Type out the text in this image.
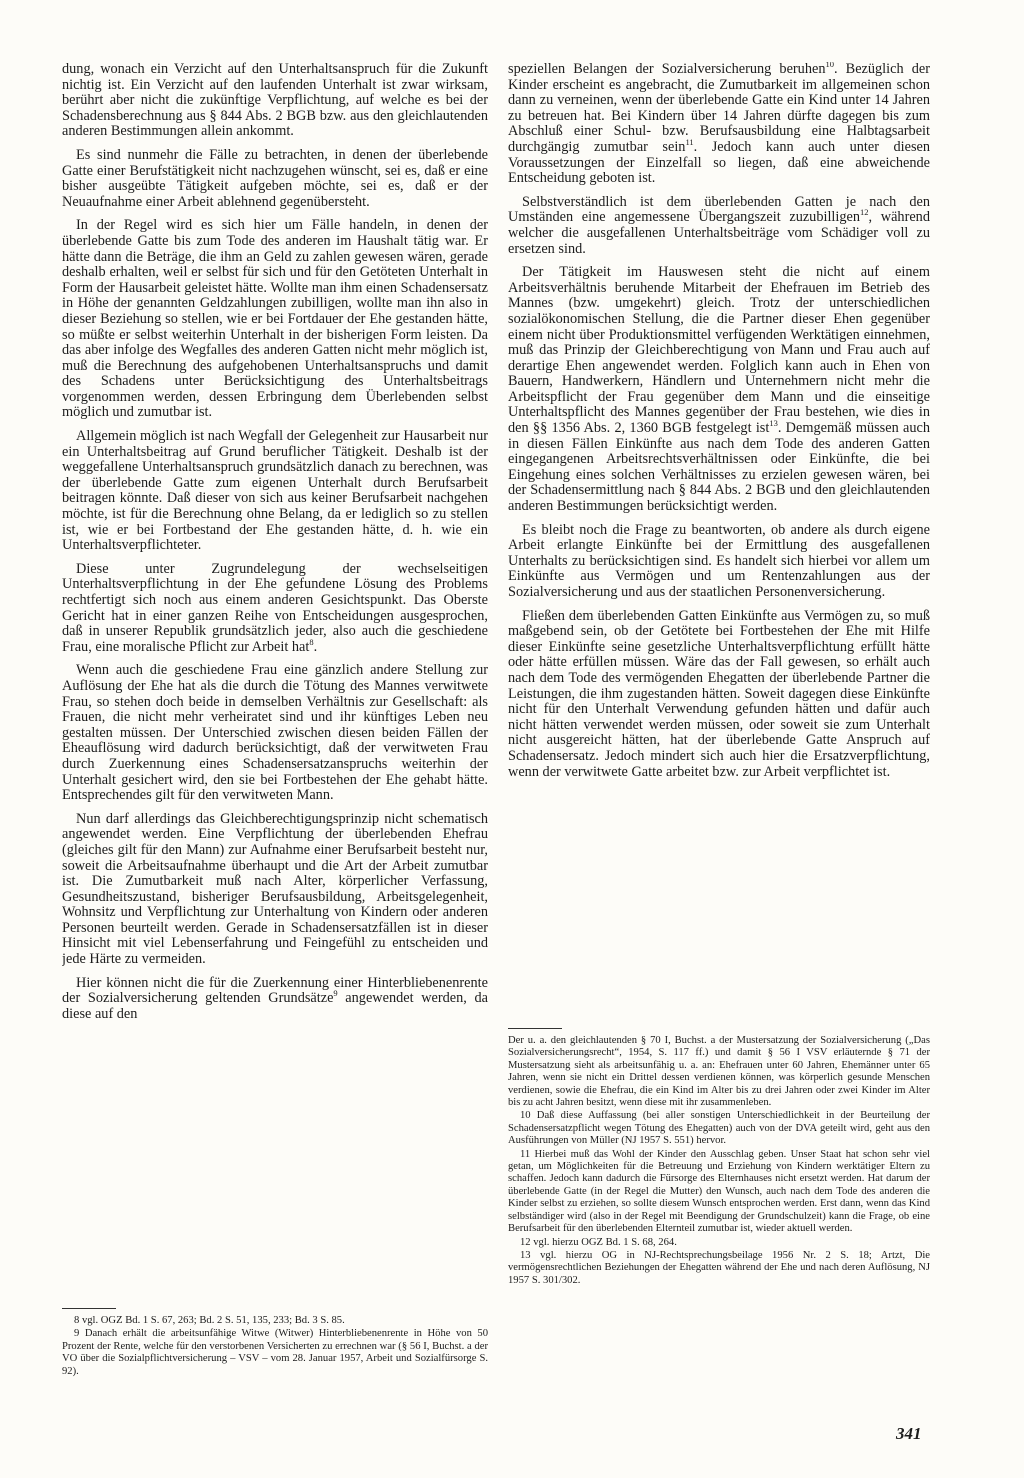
dung, wonach ein Verzicht auf den Unterhaltsanspruch für die Zukunft nichtig ist. Ein Verzicht auf den laufenden Unterhalt ist zwar wirksam, berührt aber nicht die zukünftige Verpflichtung, auf welche es bei der Schadensberechnung aus § 844 Abs. 2 BGB bzw. aus den gleichlautenden anderen Bestimmungen allein ankommt.

Es sind nunmehr die Fälle zu betrachten, in denen der überlebende Gatte einer Berufstätigkeit nicht nachzugehen wünscht, sei es, daß er eine bisher ausgeübte Tätigkeit aufgeben möchte, sei es, daß er der Neuaufnahme einer Arbeit ablehnend gegenübersteht.

In der Regel wird es sich hier um Fälle handeln, in denen der überlebende Gatte bis zum Tode des anderen im Haushalt tätig war. Er hätte dann die Beträge, die ihm an Geld zu zahlen gewesen wären, gerade deshalb erhalten, weil er selbst für sich und für den Getöteten Unterhalt in Form der Hausarbeit geleistet hätte. Wollte man ihm einen Schadensersatz in Höhe der genannten Geldzahlungen zubilligen, wollte man ihn also in dieser Beziehung so stellen, wie er bei Fortdauer der Ehe gestanden hätte, so müßte er selbst weiterhin Unterhalt in der bisherigen Form leisten. Da das aber infolge des Wegfalles des anderen Gatten nicht mehr möglich ist, muß die Berechnung des aufgehobenen Unterhaltsanspruchs und damit des Schadens unter Berücksichtigung des Unterhaltsbeitrags vorgenommen werden, dessen Erbringung dem Überlebenden selbst möglich und zumutbar ist.

Allgemein möglich ist nach Wegfall der Gelegenheit zur Hausarbeit nur ein Unterhaltsbeitrag auf Grund beruflicher Tätigkeit. Deshalb ist der weggefallene Unterhaltsanspruch grundsätzlich danach zu berechnen, was der überlebende Gatte zum eigenen Unterhalt durch Berufsarbeit beitragen könnte. Daß dieser von sich aus keiner Berufsarbeit nachgehen möchte, ist für die Berechnung ohne Belang, da er lediglich so zu stellen ist, wie er bei Fortbestand der Ehe gestanden hätte, d. h. wie ein Unterhaltsverpflichteter.

Diese unter Zugrundelegung der wechselseitigen Unterhaltsverpflichtung in der Ehe gefundene Lösung des Problems rechtfertigt sich noch aus einem anderen Gesichtspunkt. Das Oberste Gericht hat in einer ganzen Reihe von Entscheidungen ausgesprochen, daß in unserer Republik grundsätzlich jeder, also auch die geschiedene Frau, eine moralische Pflicht zur Arbeit hat$^8$.

Wenn auch die geschiedene Frau eine gänzlich andere Stellung zur Auflösung der Ehe hat als die durch die Tötung des Mannes verwitwete Frau, so stehen doch beide in demselben Verhältnis zur Gesellschaft: als Frauen, die nicht mehr verheiratet sind und ihr künftiges Leben neu gestalten müssen. Der Unterschied zwischen diesen beiden Fällen der Eheauflösung wird dadurch berücksichtigt, daß der verwitweten Frau durch Zuerkennung eines Schadensersatzanspruchs weiterhin der Unterhalt gesichert wird, den sie bei Fortbestehen der Ehe gehabt hätte. Entsprechendes gilt für den verwitweten Mann.

Nun darf allerdings das Gleichberechtigungsprinzip nicht schematisch angewendet werden. Eine Verpflichtung der überlebenden Ehefrau (gleiches gilt für den Mann) zur Aufnahme einer Berufsarbeit besteht nur, soweit die Arbeitsaufnahme überhaupt und die Art der Arbeit zumutbar ist. Die Zumutbarkeit muß nach Alter, körperlicher Verfassung, Gesundheitszustand, bisheriger Berufsausbildung, Arbeitsgelegenheit, Wohnsitz und Verpflichtung zur Unterhaltung von Kindern oder anderen Personen beurteilt werden. Gerade in Schadensersatzfällen ist in dieser Hinsicht mit viel Lebenserfahrung und Feingefühl zu entscheiden und jede Härte zu vermeiden.

Hier können nicht die für die Zuerkennung einer Hinterbliebenenrente der Sozialversicherung geltenden Grundsätze$^9$ angewendet werden, da diese auf den

speziellen Belangen der Sozialversicherung beruhen$^{10}$. Bezüglich der Kinder erscheint es angebracht, die Zumutbarkeit im allgemeinen schon dann zu verneinen, wenn der überlebende Gatte ein Kind unter 14 Jahren zu betreuen hat. Bei Kindern über 14 Jahren dürfte dagegen bis zum Abschluß einer Schul- bzw. Berufsausbildung eine Halbtagsarbeit durchgängig zumutbar sein$^{11}$. Jedoch kann auch unter diesen Voraussetzungen der Einzelfall so liegen, daß eine abweichende Entscheidung geboten ist.

Selbstverständlich ist dem überlebenden Gatten je nach den Umständen eine angemessene Übergangszeit zuzubilligen$^{12}$, während welcher die ausgefallenen Unterhaltsbeiträge vom Schädiger voll zu ersetzen sind.

Der Tätigkeit im Hauswesen steht die nicht auf einem Arbeitsverhältnis beruhende Mitarbeit der Ehefrauen im Betrieb des Mannes (bzw. umgekehrt) gleich. Trotz der unterschiedlichen sozialökonomischen Stellung, die die Partner dieser Ehen gegenüber einem nicht über Produktionsmittel verfügenden Werktätigen einnehmen, muß das Prinzip der Gleichberechtigung von Mann und Frau auch auf derartige Ehen angewendet werden. Folglich kann auch in Ehen von Bauern, Handwerkern, Händlern und Unternehmern nicht mehr die Arbeitspflicht der Frau gegenüber dem Mann und die einseitige Unterhaltspflicht des Mannes gegenüber der Frau bestehen, wie dies in den §§ 1356 Abs. 2, 1360 BGB festgelegt ist$^{13}$. Demgemäß müssen auch in diesen Fällen Einkünfte aus nach dem Tode des anderen Gatten eingegangenen Arbeitsrechtsverhältnissen oder Einkünfte, die bei Eingehung eines solchen Verhältnisses zu erzielen gewesen wären, bei der Schadensermittlung nach § 844 Abs. 2 BGB und den gleichlautenden anderen Bestimmungen berücksichtigt werden.

Es bleibt noch die Frage zu beantworten, ob andere als durch eigene Arbeit erlangte Einkünfte bei der Ermittlung des ausgefallenen Unterhalts zu berücksichtigen sind. Es handelt sich hierbei vor allem um Einkünfte aus Vermögen und um Rentenzahlungen aus der Sozialversicherung und aus der staatlichen Personenversicherung.

Fließen dem überlebenden Gatten Einkünfte aus Vermögen zu, so muß maßgebend sein, ob der Getötete bei Fortbestehen der Ehe mit Hilfe dieser Einkünfte seine gesetzliche Unterhaltsverpflichtung erfüllt hätte oder hätte erfüllen müssen. Wäre das der Fall gewesen, so erhält auch nach dem Tode des vermögenden Ehegatten der überlebende Partner die Leistungen, die ihm zugestanden hätten. Soweit dagegen diese Einkünfte nicht für den Unterhalt Verwendung gefunden hätten und dafür auch nicht hätten verwendet werden müssen, oder soweit sie zum Unterhalt nicht ausgereicht hätten, hat der überlebende Gatte Anspruch auf Schadensersatz. Jedoch mindert sich auch hier die Ersatzverpflichtung, wenn der verwitwete Gatte arbeitet bzw. zur Arbeit verpflichtet ist.

Der u. a. den gleichlautenden § 70 I, Buchst. a der Mustersatzung der Sozialversicherung („Das Sozialversicherungsrecht“, 1954, S. 117 ff.) und damit § 56 I VSV erläuternde § 71 der Mustersatzung sieht als arbeitsunfähig u. a. an: Ehefrauen unter 60 Jahren, Ehemänner unter 65 Jahren, wenn sie nicht ein Drittel dessen verdienen können, was körperlich gesunde Menschen verdienen, sowie die Ehefrau, die ein Kind im Alter bis zu drei Jahren oder zwei Kinder im Alter bis zu acht Jahren besitzt, wenn diese mit ihr zusammenleben.

10 Daß diese Auffassung (bei aller sonstigen Unterschiedlichkeit in der Beurteilung der Schadensersatzpflicht wegen Tötung des Ehegatten) auch von der DVA geteilt wird, geht aus den Ausführungen von Müller (NJ 1957 S. 551) hervor.

11 Hierbei muß das Wohl der Kinder den Ausschlag geben. Unser Staat hat schon sehr viel getan, um Möglichkeiten für die Betreuung und Erziehung von Kindern werktätiger Eltern zu schaffen. Jedoch kann dadurch die Fürsorge des Elternhauses nicht ersetzt werden. Hat darum der überlebende Gatte (in der Regel die Mutter) den Wunsch, auch nach dem Tode des anderen die Kinder selbst zu erziehen, so sollte diesem Wunsch entsprochen werden. Erst dann, wenn das Kind selbständiger wird (also in der Regel mit Beendigung der Grundschulzeit) kann die Frage, ob eine Berufsarbeit für den überlebenden Elternteil zumutbar ist, wieder aktuell werden.

12 vgl. hierzu OGZ Bd. 1 S. 68, 264.

13 vgl. hierzu OG in NJ-Rechtsprechungsbeilage 1956 Nr. 2 S. 18; Artzt, Die vermögensrechtlichen Beziehungen der Ehegatten während der Ehe und nach deren Auflösung, NJ 1957 S. 301/302.

8 vgl. OGZ Bd. 1 S. 67, 263; Bd. 2 S. 51, 135, 233; Bd. 3 S. 85.

9 Danach erhält die arbeitsunfähige Witwe (Witwer) Hinterbliebenenrente in Höhe von 50 Prozent der Rente, welche für den verstorbenen Versicherten zu errechnen war (§ 56 I, Buchst. a der VO über die Sozialpflichtversicherung – VSV – vom 28. Januar 1957, Arbeit und Sozialfürsorge S. 92).

341
